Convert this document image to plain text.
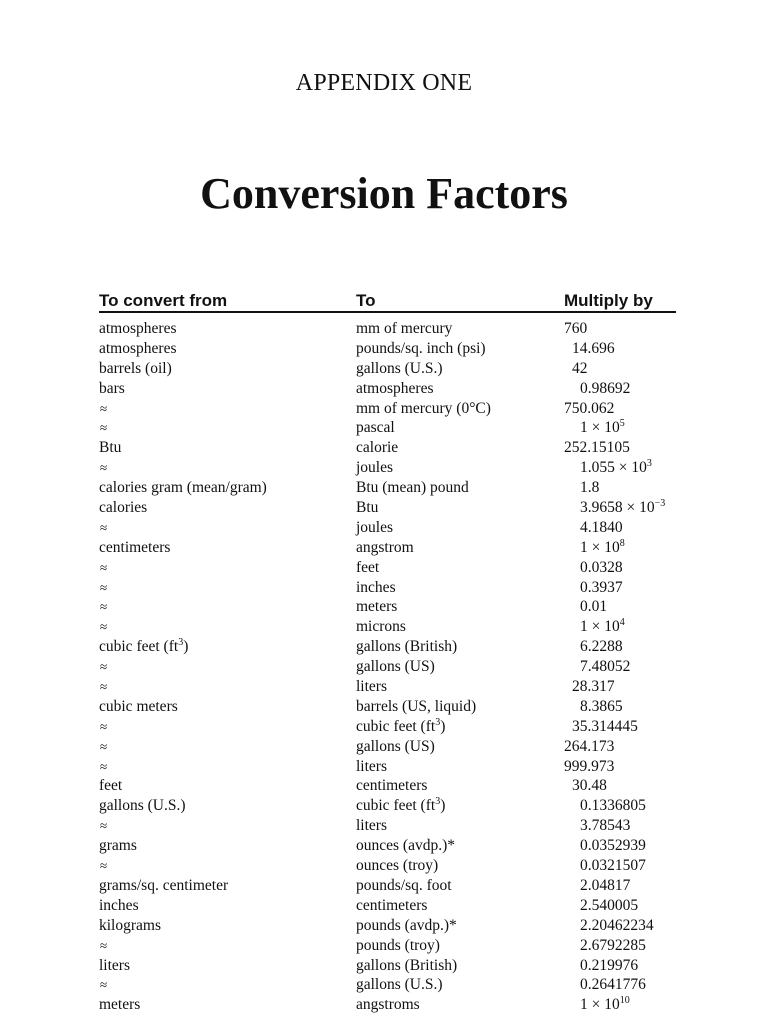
APPENDIX ONE
Conversion Factors
To convert from	To	Multiply by
atmospheres	mm of mercury	760
atmospheres	pounds/sq. inch (psi)	14.696
barrels (oil)	gallons (U.S.)	42
bars	atmospheres	0.98692
≈	mm of mercury (0°C)	750.062
≈	pascal	$1 \times 10^5$
Btu	calorie	252.15105
≈	joules	$1.055 \times 10^3$
calories gram (mean/gram)	Btu (mean) pound	1.8
calories	Btu	$3.9658 \times 10^{-3}$
≈	joules	4.1840
centimeters	angstrom	$1 \times 10^8$
≈	feet	0.0328
≈	inches	0.3937
≈	meters	0.01
≈	microns	$1 \times 10^4$
cubic feet $(ft^3)$	gallons (British)	6.2288
≈	gallons (US)	7.48052
≈	liters	28.317
cubic meters	barrels (US, liquid)	8.3865
≈	cubic feet $(ft^3)$	35.314445
≈	gallons (US)	264.173
≈	liters	999.973
feet	centimeters	30.48
gallons (U.S.)	cubic feet $(ft^3)$	0.1336805
≈	liters	3.78543
grams	ounces (avdp.)*	0.0352939
≈	ounces (troy)	0.0321507
grams/sq. centimeter	pounds/sq. foot	2.04817
inches	centimeters	2.540005
kilograms	pounds (avdp.)*	2.20462234
≈	pounds (troy)	2.6792285
liters	gallons (British)	0.219976
≈	gallons (U.S.)	0.2641776
meters	angstroms	$1 \times 10^{10}$
